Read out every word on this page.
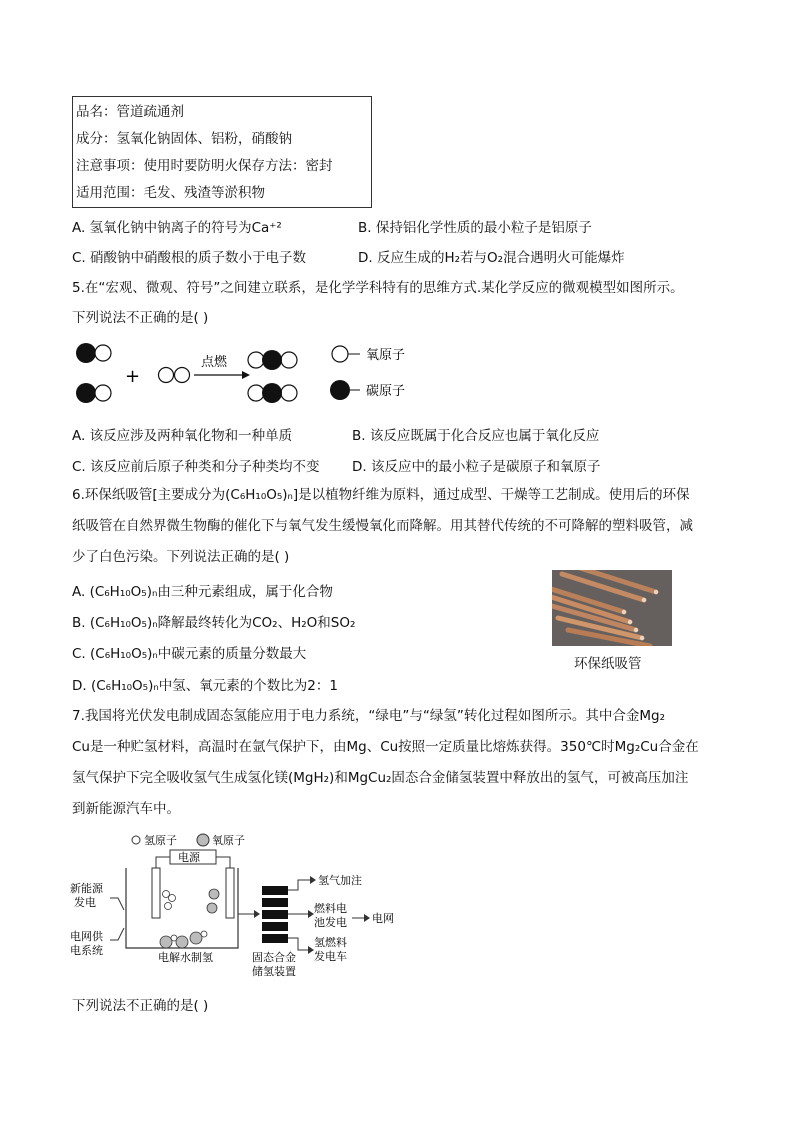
品名：管道疏通剂
成分：氢氧化钠固体、铝粉，硝酸钠
注意事项：使用时要防明火保存方法：密封
适用范围：毛发、残渣等淤积物
A. 氢氧化钠中钠离子的符号为Ca⁺²	B. 保持铝化学性质的最小粒子是铝原子
C. 硝酸钠中硝酸根的质子数小于电子数	D. 反应生成的H₂若与O₂混合遇明火可能爆炸
5.在“宏观、微观、符号”之间建立联系，是化学学科特有的思维方式.某化学反应的微观模型如图所示。
下列说法不正确的是( )
+
点燃	氧原子
碳原子
A. 该反应涉及两种氧化物和一种单质	B. 该反应既属于化合反应也属于氧化反应
C. 该反应前后原子种类和分子种类均不变 D. 该反应中的最小粒子是碳原子和氧原子
6.环保纸吸管[主要成分为(C₆H₁₀O₅)ₙ]是以植物纤维为原料，通过成型、干燥等工艺制成。使用后的环保
纸吸管在自然界微生物酶的催化下与氧气发生缓慢氧化而降解。用其替代传统的不可降解的塑料吸管，减
少了白色污染。下列说法正确的是( )
A. (C₆H₁₀O₅)ₙ由三种元素组成，属于化合物
B. (C₆H₁₀O₅)ₙ降解最终转化为CO₂、H₂O和SO₂
C. (C₆H₁₀O₅)ₙ中碳元素的质量分数最大
D. (C₆H₁₀O₅)ₙ中氢、氧元素的个数比为2：1
环保纸吸管
7.我国将光伏发电制成固态氢能应用于电力系统，“绿电”与“绿氢”转化过程如图所示。其中合金Mg₂
Cu是一种贮氢材料，高温时在氩气保护下，由Mg、Cu按照一定质量比熔炼获得。350℃时Mg₂Cu合金在
氢气保护下完全吸收氢气生成氢化镁(MgH₂)和MgCu₂固态合金储氢装置中释放出的氢气，可被高压加注
到新能源汽车中。
氢原子	氧原子
电源
新能源
发电
电网供
电系统
电解水制氢	固态合金
储氢装置
氢气加注
燃料电
池发电 电网
氢燃料
发电车
下列说法不正确的是( )
